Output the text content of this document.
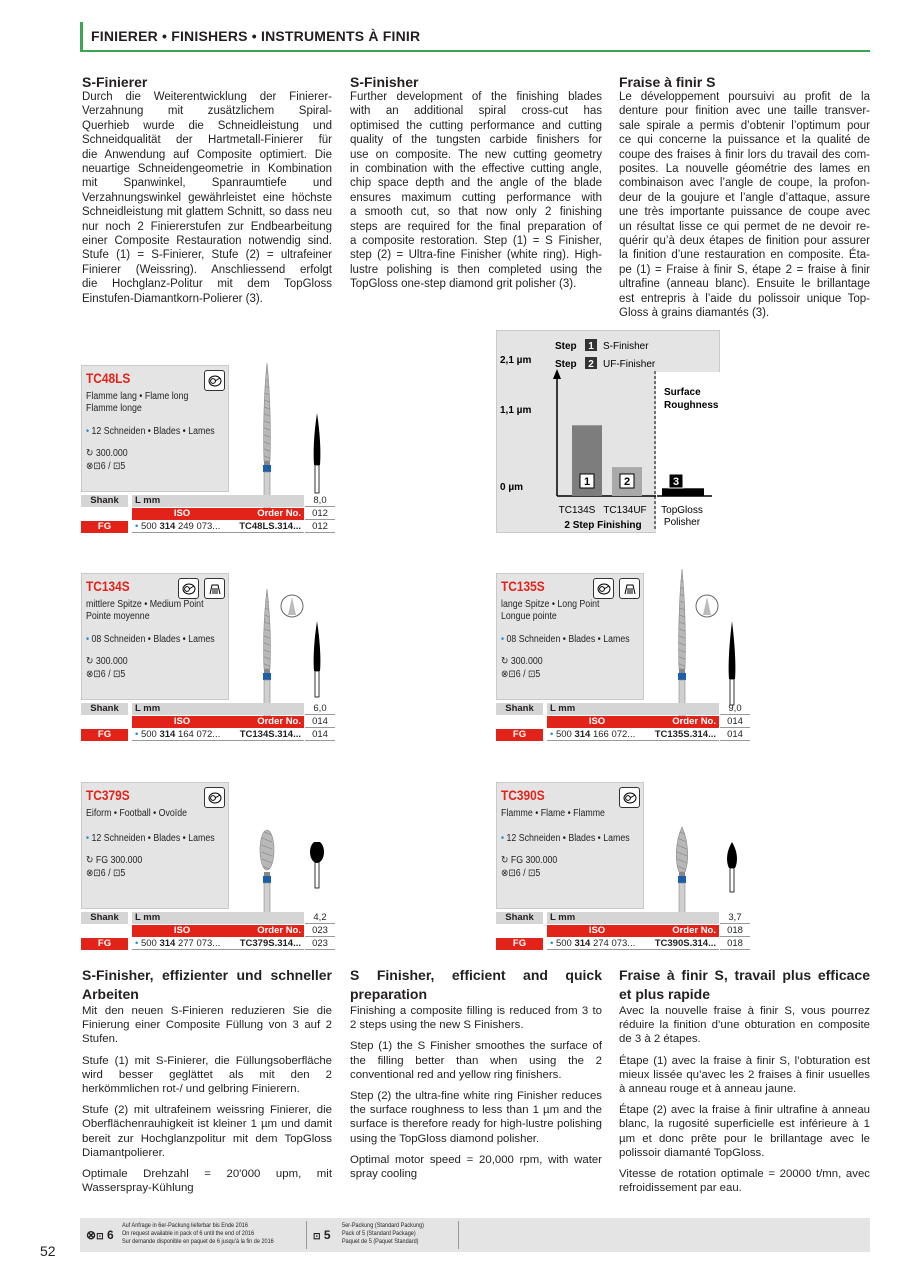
FINIERER • FINISHERS • INSTRUMENTS À FINIR
S-Finierer

Durch die Weiterentwicklung der Finierer-
Verzahnung mit zusätzlichem Spiral-
Querhieb wurde die Schneidleistung und
Schneidqualität der Hartmetall-Finierer für
die Anwendung auf Composite optimiert. Die
neuartige Schneidengeometrie in Kombination
mit Spanwinkel, Spanraumtiefe und
Verzahnungswinkel gewährleistet eine höchste
Schneidleistung mit glattem Schnitt, so dass neu
nur noch 2 Finiererstufen zur Endbearbeitung
einer Composite Restauration notwendig sind.
Stufe (1) = S-Finierer, Stufe (2) = ultrafeiner
Finierer (Weissring). Anschliessend erfolgt
die Hochglanz-Politur mit dem TopGloss
Einstufen-Diamantkorn-Polierer (3).

S-Finisher

Further development of the finishing blades
with an additional spiral cross-cut has
optimised the cutting performance and cutting
quality of the tungsten carbide finishers for
use on composite. The new cutting geometry
in combination with the effective cutting angle,
chip space depth and the angle of the blade
ensures maximum cutting performance with
a smooth cut, so that now only 2 finishing
steps are required for the final preparation of
a composite restoration. Step (1) = S Finisher,
step (2) = Ultra-fine Finisher (white ring). High-
lustre polishing is then completed using the
TopGloss one-step diamond grit polisher (3).

Fraise à finir S

Le développement poursuivi au profit de la
denture pour finition avec une taille transver-
sale spirale a permis d’obtenir l’optimum pour
ce qui concerne la puissance et la qualité de
coupe des fraises à finir lors du travail des com-
posites. La nouvelle géométrie des lames en
combinaison avec l’angle de coupe, la profon-
deur de la goujure et l’angle d’attaque, assure
une très importante puissance de coupe avec
un résultat lisse ce qui permet de ne devoir re-
quérir qu’à deux étapes de finition pour assurer
la finition d’une restauration en composite. Éta-
pe (1) = Fraise à finir S, étape 2 = fraise à finir
ultrafine (anneau blanc). Ensuite le brillantage
est entrepris à l’aide du polissoir unique Top-
Gloss à grains diamantés (3).

2,1 µm
1,1 µm
0 µm
Step 1 S-Finisher
Step 2 UF-Finisher
1	2	3
Surface
Roughness
TC134S TC134UF TopGloss
Polisher
2 Step Finishing
TC48LS
Flamme lang • Flame long
Flamme longe
• 12 Schneiden • Blades • Lames
↻ 300.000
⊗⊡6 / ⊡5
Shank	L mm	8,0
ISO	Order No.	012
FG	• 500 314 249 073...	TC48LS.314...	012
TC134S
mittlere Spitze • Medium Point
Pointe moyenne
• 08 Schneiden • Blades • Lames
↻ 300.000
⊗⊡6 / ⊡5
Shank	L mm	6,0
ISO	Order No.	014
FG	• 500 314 164 072...	TC134S.314...	014
TC135S
lange Spitze • Long Point
Longue pointe
• 08 Schneiden • Blades • Lames
↻ 300.000
⊗⊡6 / ⊡5
Shank	L mm	9,0
ISO	Order No.	014
FG	• 500 314 166 072...	TC135S.314...	014
TC379S
Eiform • Football • Ovoïde
• 12 Schneiden • Blades • Lames
↻ FG 300.000
⊗⊡6 / ⊡5
Shank	L mm	4,2
ISO	Order No.	023
FG	• 500 314 277 073...	TC379S.314...	023
TC390S
Flamme • Flame • Flamme
• 12 Schneiden • Blades • Lames
↻ FG 300.000
⊗⊡6 / ⊡5
Shank	L mm	3,7
ISO	Order No.	018
FG	• 500 314 274 073...	TC390S.314...	018
S-Finisher, effizienter und schneller
Arbeiten

Mit den neuen S-Finieren reduzieren Sie die Finierung einer Composite Füllung von 3 auf 2 Stufen.

Stufe (1) mit S-Finierer, die Füllungsoberfläche wird besser geglättet als mit den 2 herkömmlichen rot-/ und gelbring Finierern.

Stufe (2) mit ultrafeinem weissring Finierer, die Oberflächenrauhigkeit ist kleiner 1 µm und damit bereit zur Hochglanzpolitur mit dem TopGloss Diamantpolierer.

Optimale Drehzahl = 20'000 upm, mit Wasserspray-Kühlung

S Finisher, efficient and quick
preparation

Finishing a composite filling is reduced from 3 to 2 steps using the new S Finishers.

Step (1) the S Finisher smoothes the surface of the filling better than when using the 2 conventional red and yellow ring finishers.

Step (2) the ultra-fine white ring Finisher reduces the surface roughness to less than 1 µm and the surface is therefore ready for high-lustre polishing using the TopGloss diamond polisher.

Optimal motor speed = 20,000 rpm, with water spray cooling

Fraise à finir S, travail plus efficace
et plus rapide

Avec la nouvelle fraise à finir S, vous pourrez réduire la finition d’une obturation en composite de 3 à 2 étapes.

Étape (1) avec la fraise à finir S, l’obturation est mieux lissée qu’avec les 2 fraises à finir usuelles à anneau rouge et à anneau jaune.

Étape (2) avec la fraise à finir ultrafine à anneau blanc, la rugosité superficielle est inférieure à 1 µm et donc prête pour le brillantage avec le polissoir diamanté TopGloss.

Vitesse de rotation optimale = 20000 t/mn, avec refroidissement par eau.

⊗⊡ 6
Auf Anfrage in 6er-Packung lieferbar bis Ende 2016
On request available in pack of 6 until the end of 2016
Sur demande disponible en paquet de 6 jusqu’à la fin de 2016
⊡ 5
5er-Packung (Standard Packung)
Pack of 5 (Standard Package)
Paquet de 5 (Paquet Standard)
52
